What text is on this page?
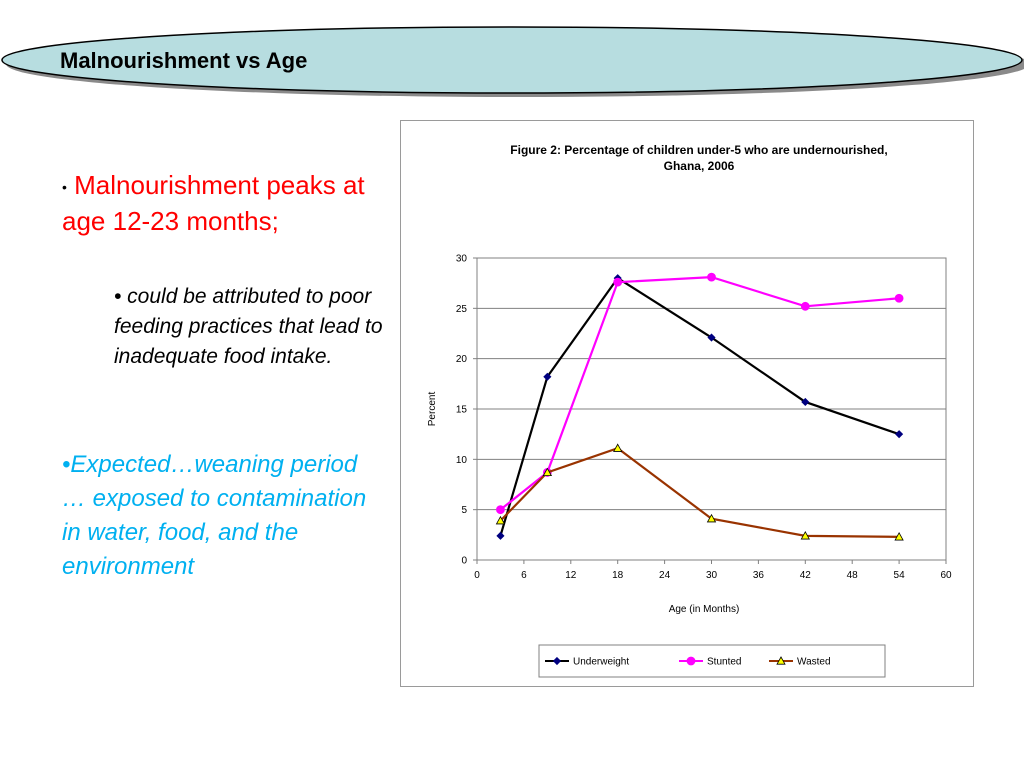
Malnourishment vs Age
• Malnourishment peaks at age 12-23 months;
• could be attributed to poor feeding practices that lead to inadequate food intake.
•Expected…weaning period … exposed to contamination in water, food, and the environment
Figure 2: Percentage of children under-5 who are undernourished,
Ghana, 2006
0
5
10
15
20
25
30
0	6	12	18	24	30	36	42	48	54	60
Age (in Months)
Percent
Underweight	Stunted	Wasted
